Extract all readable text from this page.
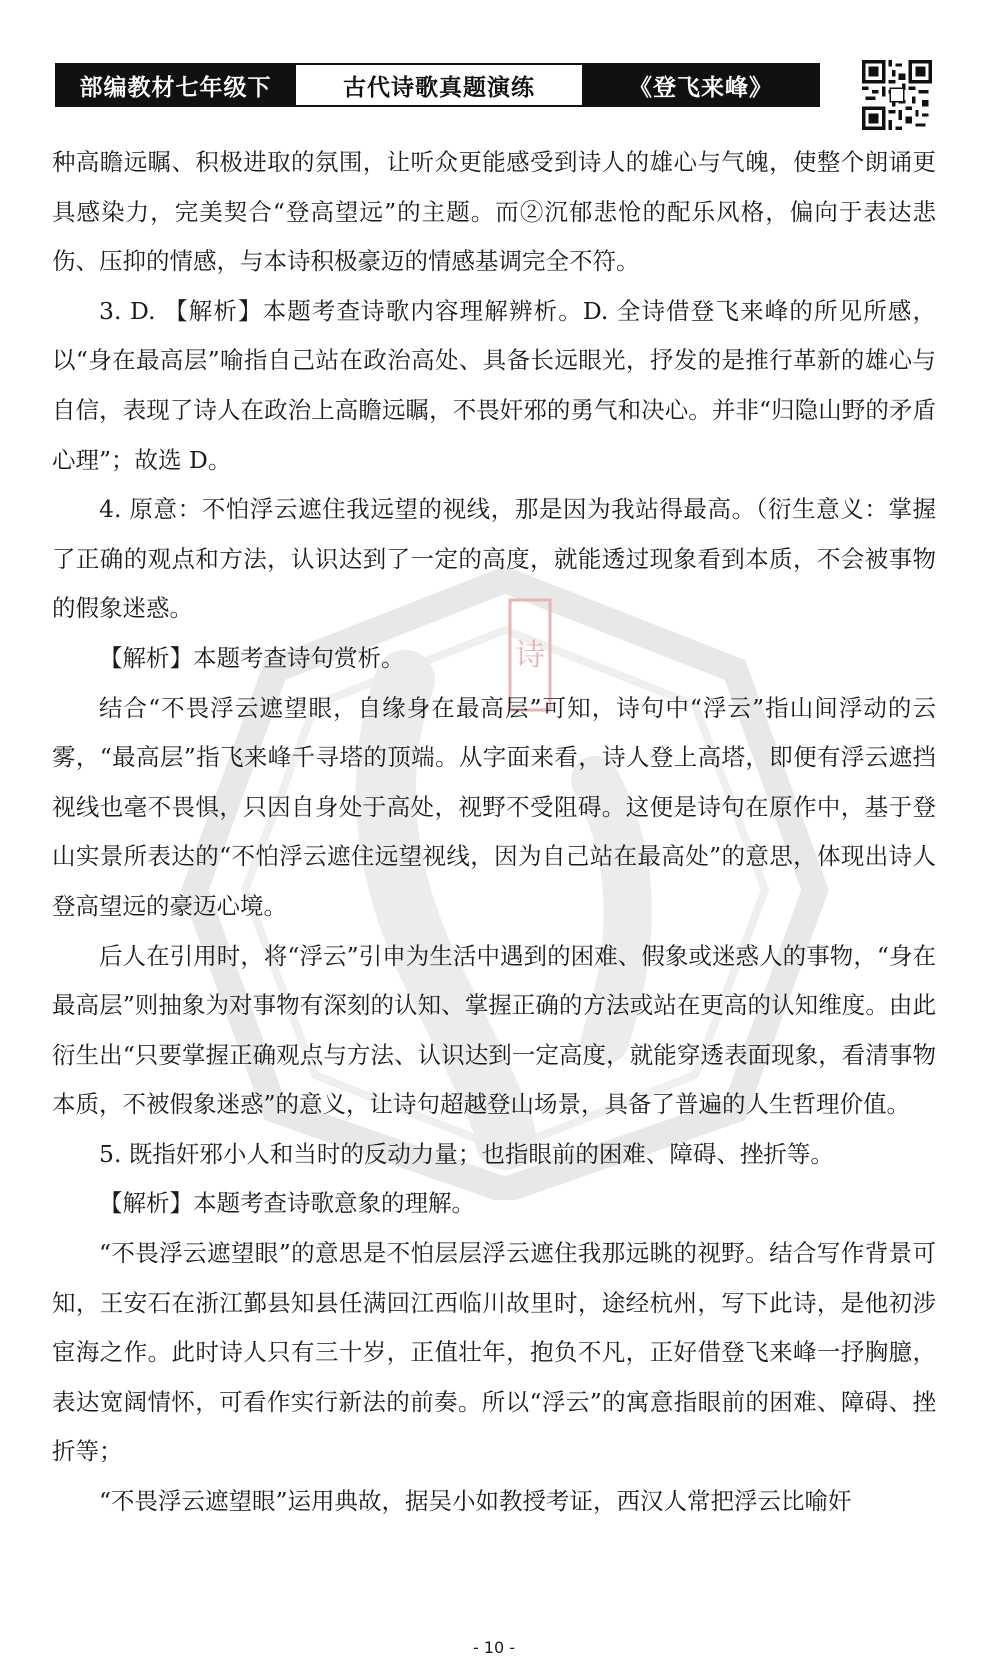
部编教材七年级下	古代诗歌真题演练	《登飞来峰》
诗

种高瞻远瞩、积极进取的氛围，让听众更能感受到诗人的雄心与气魄，使整个朗诵更具感染力，完美契合“登高望远”的主题。而②沉郁悲怆的配乐风格，偏向于表达悲伤、压抑的情感，与本诗积极豪迈的情感基调完全不符。

3. D. 【解析】本题考查诗歌内容理解辨析。D. 全诗借登飞来峰的所见所感，以“身在最高层”喻指自己站在政治高处、具备长远眼光，抒发的是推行革新的雄心与自信，表现了诗人在政治上高瞻远瞩，不畏奸邪的勇气和决心。并非“归隐山野的矛盾心理”；故选 D。

4. 原意：不怕浮云遮住我远望的视线，那是因为我站得最高。（衍生意义：掌握了正确的观点和方法，认识达到了一定的高度，就能透过现象看到本质，不会被事物的假象迷惑。

【解析】本题考查诗句赏析。

结合“不畏浮云遮望眼，自缘身在最高层”可知，诗句中“浮云”指山间浮动的云雾，“最高层”指飞来峰千寻塔的顶端。从字面来看，诗人登上高塔，即便有浮云遮挡视线也毫不畏惧，只因自身处于高处，视野不受阻碍。这便是诗句在原作中，基于登山实景所表达的“不怕浮云遮住远望视线，因为自己站在最高处”的意思，体现出诗人登高望远的豪迈心境。

后人在引用时，将“浮云”引申为生活中遇到的困难、假象或迷惑人的事物，“身在最高层”则抽象为对事物有深刻的认知、掌握正确的方法或站在更高的认知维度。由此衍生出“只要掌握正确观点与方法、认识达到一定高度，就能穿透表面现象，看清事物本质，不被假象迷惑”的意义，让诗句超越登山场景，具备了普遍的人生哲理价值。

5. 既指奸邪小人和当时的反动力量；也指眼前的困难、障碍、挫折等。

【解析】本题考查诗歌意象的理解。

“不畏浮云遮望眼”的意思是不怕层层浮云遮住我那远眺的视野。结合写作背景可知，王安石在浙江鄞县知县任满回江西临川故里时，途经杭州，写下此诗，是他初涉宦海之作。此时诗人只有三十岁，正值壮年，抱负不凡，正好借登飞来峰一抒胸臆，表达宽阔情怀，可看作实行新法的前奏。所以“浮云”的寓意指眼前的困难、障碍、挫折等；

“不畏浮云遮望眼”运用典故，据吴小如教授考证，西汉人常把浮云比喻奸

- 10 -
